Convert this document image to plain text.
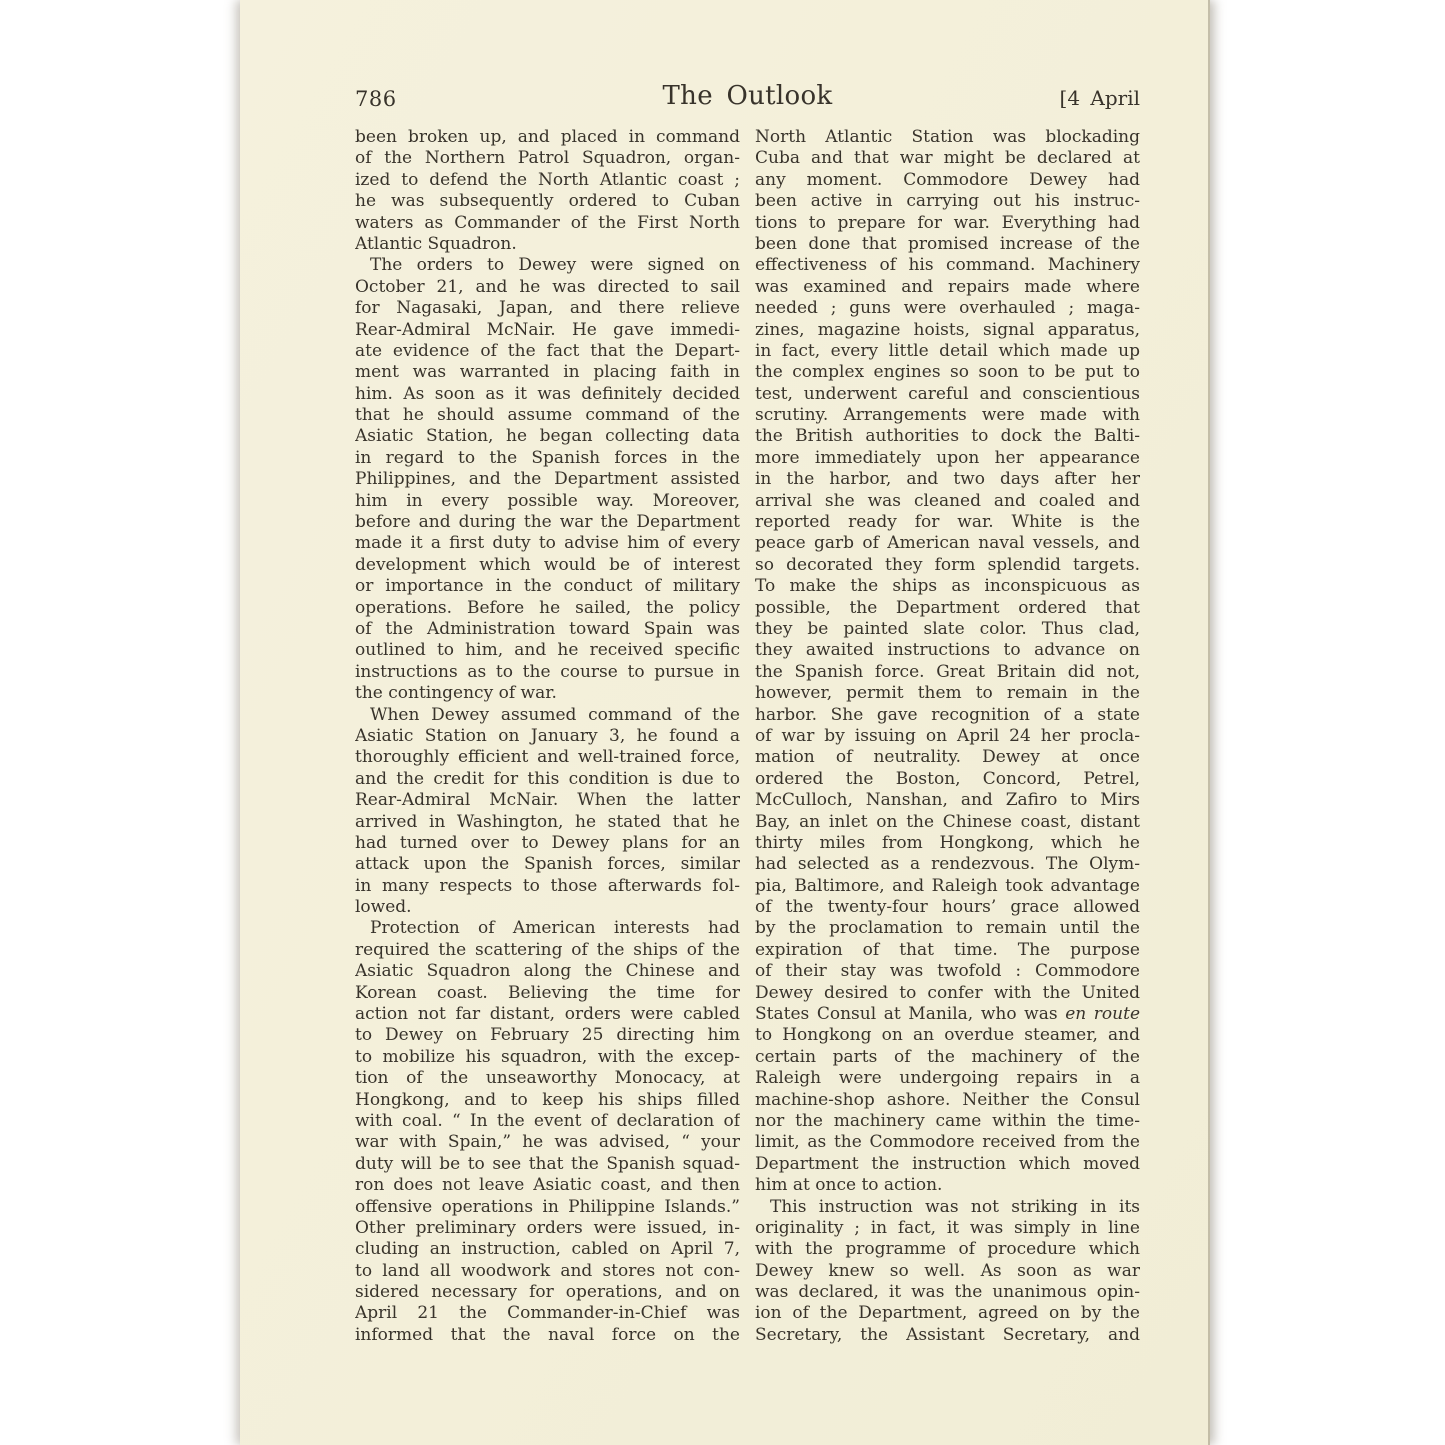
786	The Outlook	[4 April
been broken up, and placed in command
of the Northern Patrol Squadron, organ-
ized to defend the North Atlantic coast ;
he was subsequently ordered to Cuban
waters as Commander of the First North
Atlantic Squadron.
The orders to Dewey were signed on
October 21, and he was directed to sail
for Nagasaki, Japan, and there relieve
Rear-Admiral McNair. He gave immedi-
ate evidence of the fact that the Depart-
ment was warranted in placing faith in
him. As soon as it was definitely decided
that he should assume command of the
Asiatic Station, he began collecting data
in regard to the Spanish forces in the
Philippines, and the Department assisted
him in every possible way. Moreover,
before and during the war the Department
made it a first duty to advise him of every
development which would be of interest
or importance in the conduct of military
operations. Before he sailed, the policy
of the Administration toward Spain was
outlined to him, and he received specific
instructions as to the course to pursue in
the contingency of war.
When Dewey assumed command of the
Asiatic Station on January 3, he found a
thoroughly efficient and well-trained force,
and the credit for this condition is due to
Rear-Admiral McNair. When the latter
arrived in Washington, he stated that he
had turned over to Dewey plans for an
attack upon the Spanish forces, similar
in many respects to those afterwards fol-
lowed.
Protection of American interests had
required the scattering of the ships of the
Asiatic Squadron along the Chinese and
Korean coast. Believing the time for
action not far distant, orders were cabled
to Dewey on February 25 directing him
to mobilize his squadron, with the excep-
tion of the unseaworthy Monocacy, at
Hongkong, and to keep his ships filled
with coal. “ In the event of declaration of
war with Spain,” he was advised, “ your
duty will be to see that the Spanish squad-
ron does not leave Asiatic coast, and then
offensive operations in Philippine Islands.”
Other preliminary orders were issued, in-
cluding an instruction, cabled on April 7,
to land all woodwork and stores not con-
sidered necessary for operations, and on
April 21 the Commander-in-Chief was
informed that the naval force on the
North Atlantic Station was blockading
Cuba and that war might be declared at
any moment. Commodore Dewey had
been active in carrying out his instruc-
tions to prepare for war. Everything had
been done that promised increase of the
effectiveness of his command. Machinery
was examined and repairs made where
needed ; guns were overhauled ; maga-
zines, magazine hoists, signal apparatus,
in fact, every little detail which made up
the complex engines so soon to be put to
test, underwent careful and conscientious
scrutiny. Arrangements were made with
the British authorities to dock the Balti-
more immediately upon her appearance
in the harbor, and two days after her
arrival she was cleaned and coaled and
reported ready for war. White is the
peace garb of American naval vessels, and
so decorated they form splendid targets.
To make the ships as inconspicuous as
possible, the Department ordered that
they be painted slate color. Thus clad,
they awaited instructions to advance on
the Spanish force. Great Britain did not,
however, permit them to remain in the
harbor. She gave recognition of a state
of war by issuing on April 24 her procla-
mation of neutrality. Dewey at once
ordered the Boston, Concord, Petrel,
McCulloch, Nanshan, and Zafiro to Mirs
Bay, an inlet on the Chinese coast, distant
thirty miles from Hongkong, which he
had selected as a rendezvous. The Olym-
pia, Baltimore, and Raleigh took advantage
of the twenty-four hours’ grace allowed
by the proclamation to remain until the
expiration of that time. The purpose
of their stay was twofold : Commodore
Dewey desired to confer with the United
States Consul at Manila, who was en route
to Hongkong on an overdue steamer, and
certain parts of the machinery of the
Raleigh were undergoing repairs in a
machine-shop ashore. Neither the Consul
nor the machinery came within the time-
limit, as the Commodore received from the
Department the instruction which moved
him at once to action.
This instruction was not striking in its
originality ; in fact, it was simply in line
with the programme of procedure which
Dewey knew so well. As soon as war
was declared, it was the unanimous opin-
ion of the Department, agreed on by the
Secretary, the Assistant Secretary, and
